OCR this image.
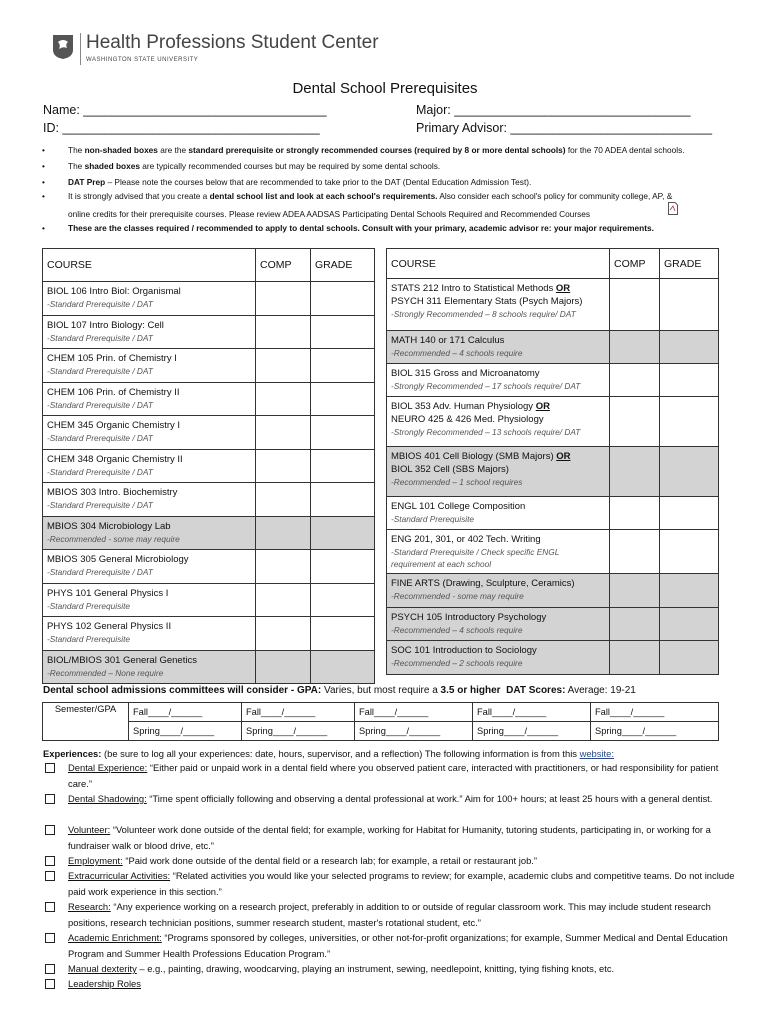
Health Professions Student Center
WASHINGTON STATE UNIVERSITY
Dental School Prerequisites
Name: ___________________________________
ID: _____________________________________
Major: __________________________________
Primary Advisor: _____________________________
•	The non-shaded boxes are the standard prerequisite or strongly recommended courses (required by 8 or more dental schools) for the 70 ADEA dental schools.
•	The shaded boxes are typically recommended courses but may be required by some dental schools.
•	DAT Prep – Please note the courses below that are recommended to take prior to the DAT (Dental Education Admission Test).
•	It is strongly advised that you create a dental school list and look at each school's requirements. Also consider each school's policy for community college, AP, &
online credits for their prerequisite courses. Please review ADEA AADSAS Participating Dental Schools Required and Recommended Courses
•	These are the classes required / recommended to apply to dental schools. Consult with your primary, academic advisor re: your major requirements.
COURSE	COMP	GRADE

BIOL 106 Intro Biol: Organismal
-Standard Prerequisite / DAT		

BIOL 107 Intro Biology: Cell
-Standard Prerequisite / DAT		

CHEM 105 Prin. of Chemistry I
-Standard Prerequisite / DAT		

CHEM 106 Prin. of Chemistry II
-Standard Prerequisite / DAT		

CHEM 345 Organic Chemistry I
-Standard Prerequisite / DAT		

CHEM 348 Organic Chemistry II
-Standard Prerequisite / DAT		

MBIOS 303 Intro. Biochemistry
-Standard Prerequisite / DAT		

MBIOS 304 Microbiology Lab
-Recommended - some may require		

MBIOS 305 General Microbiology
-Standard Prerequisite / DAT		

PHYS 101 General Physics I
-Standard Prerequisite		

PHYS 102 General Physics II
-Standard Prerequisite		

BIOL/MBIOS 301 General Genetics
-Recommended – None require		

COURSE	COMP	GRADE

STATS 212 Intro to Statistical Methods OR
PSYCH 311 Elementary Stats (Psych Majors)
-Strongly Recommended – 8 schools require/ DAT		

MATH 140 or 171 Calculus
-Recommended – 4 schools require		

BIOL 315 Gross and Microanatomy
-Strongly Recommended – 17 schools require/ DAT		

BIOL 353 Adv. Human Physiology OR
NEURO 425 & 426 Med. Physiology
-Strongly Recommended – 13 schools require/ DAT		

MBIOS 401 Cell Biology (SMB Majors) OR
BIOL 352 Cell (SBS Majors)
-Recommended – 1 school requires		

ENGL 101 College Composition
-Standard Prerequisite		

ENG 201, 301, or 402 Tech. Writing
-Standard Prerequisite / Check specific ENGL requirement at each school		

FINE ARTS (Drawing, Sculpture, Ceramics)
-Recommended - some may require		

PSYCH 105 Introductory Psychology
-Recommended – 4 schools require		

SOC 101 Introduction to Sociology
-Recommended – 2 schools require		

Dental school admissions committees will consider - GPA: Varies, but most require a 3.5 or higher DAT Scores: Average: 19-21
Semester/GPA	Fall____/______	Fall____/______	Fall____/______	Fall____/______	Fall____/______
	Spring____/______	Spring____/______	Spring____/______	Spring____/______	Spring____/______
Experiences: (be sure to log all your experiences: date, hours, supervisor, and a reflection) The following information is from this website:
Dental Experience: “Either paid or unpaid work in a dental field where you observed patient care, interacted with practitioners, or had responsibility for patient care.”
Dental Shadowing: “Time spent officially following and observing a dental professional at work.” Aim for 100+ hours; at least 25 hours with a general dentist.
Volunteer: “Volunteer work done outside of the dental field; for example, working for Habitat for Humanity, tutoring students, participating in, or working for a fundraiser walk or blood drive, etc.”
Employment: “Paid work done outside of the dental field or a research lab; for example, a retail or restaurant job.”
Extracurricular Activities: “Related activities you would like your selected programs to review; for example, academic clubs and competitive teams. Do not include paid work experience in this section.”
Research: “Any experience working on a research project, preferably in addition to or outside of regular classroom work. This may include student research positions, research technician positions, summer research student, master's rotational student, etc.”
Academic Enrichment: “Programs sponsored by colleges, universities, or other not-for-profit organizations; for example, Summer Medical and Dental Education Program and Summer Health Professions Education Program.”
Manual dexterity – e.g., painting, drawing, woodcarving, playing an instrument, sewing, needlepoint, knitting, tying fishing knots, etc.
Leadership Roles
